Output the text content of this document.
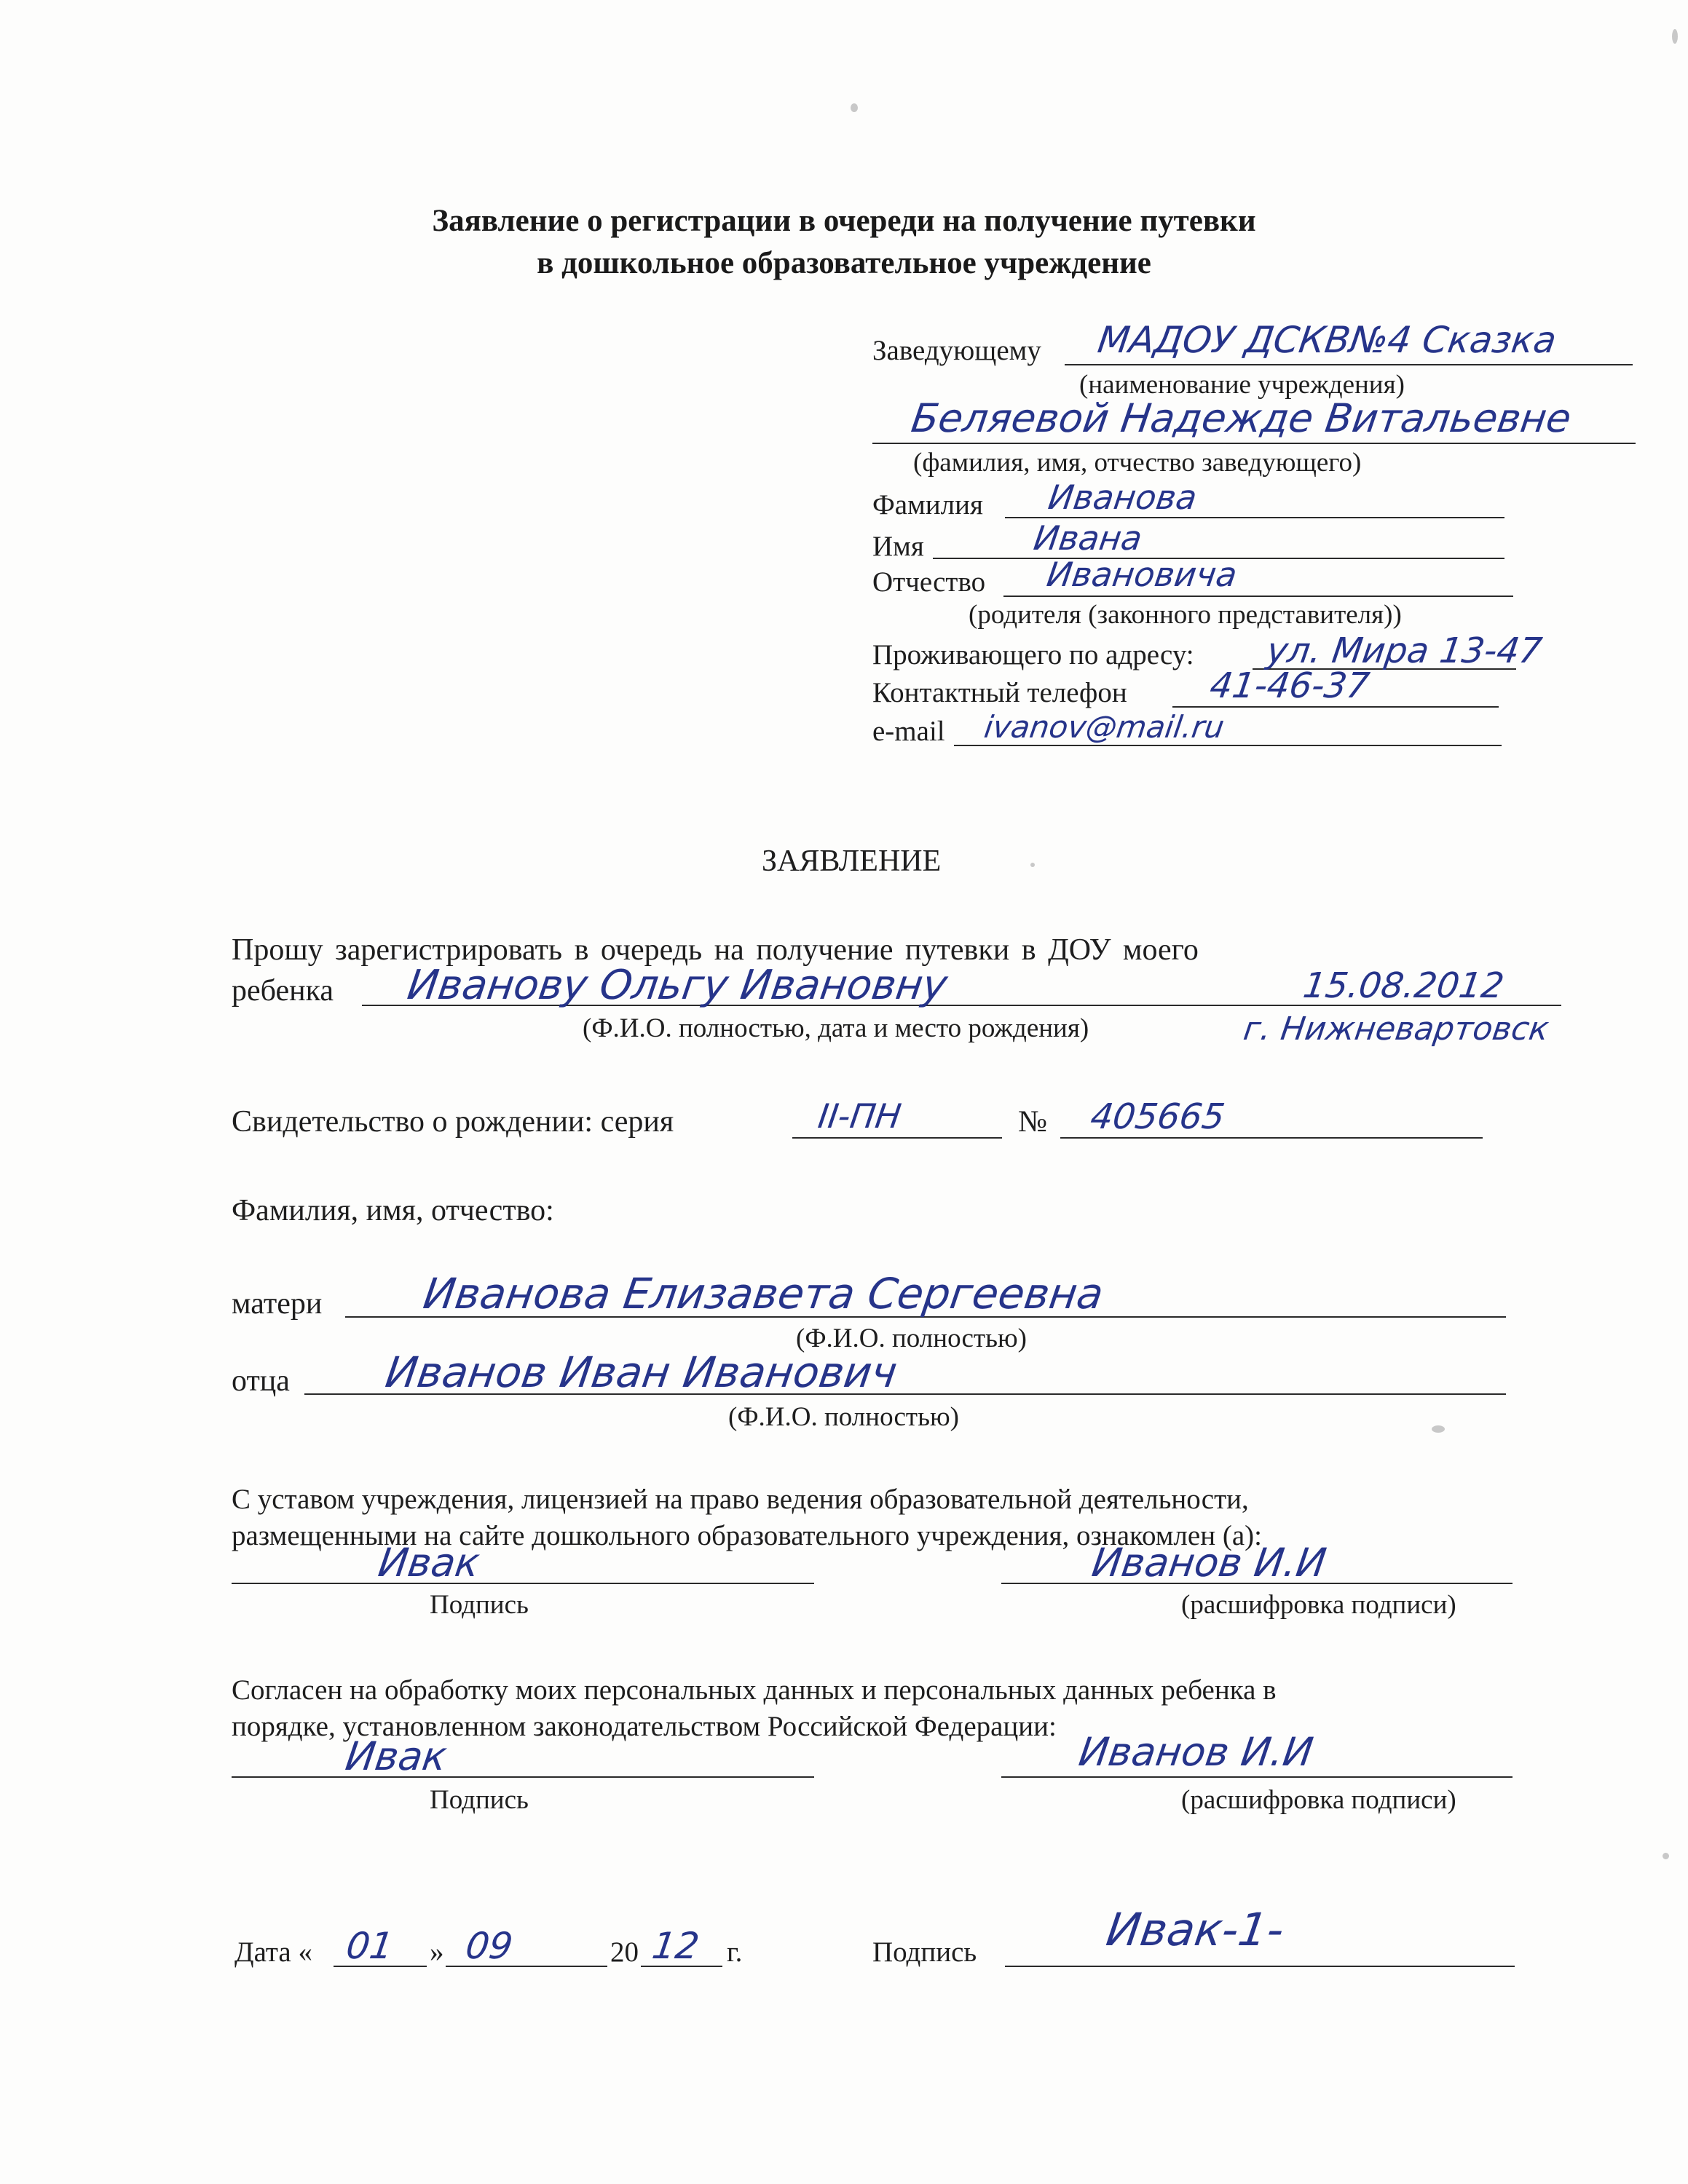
Заявление о регистрации в очереди на получение путевки
в дошкольное образовательное учреждение
Заведующему МАДОУ ДСКВ№4 Сказка
(наименование учреждения)
Беляевой Надежде Витальевне
(фамилия, имя, отчество заведующего)
Фамилия Иванова
Имя	Ивана
Отчество Ивановича
(родителя (законного представителя))
Проживающего по адресу: ул. Мира 13-47
Контактный телефон 41-46-37
e-mail ivanov@mail.ru
ЗАЯВЛЕНИЕ
Прошу зарегистрировать в очередь на получение путевки в ДОУ моего
ребенка Иванову Ольгу Ивановну	15.08.2012
(Ф.И.О. полностью, дата и место рождения)	г. Нижневартовск
Свидетельство о рождении: серия	II-ПН	№ 405665
Фамилия, имя, отчество:
матери Иванова Елизавета Сергеевна
(Ф.И.О. полностью)
отца Иванов Иван Иванович
(Ф.И.О. полностью)
С уставом учреждения, лицензией на право ведения образовательной деятельности,
размещенными на сайте дошкольного образовательного учреждения, ознакомлен (а):
Ивак
Подпись
Иванов И.И
(расшифровка подписи)
Согласен на обработку моих персональных данных и персональных данных ребенка в
порядке, установленном законодательством Российской Федерации:
Ивак
Подпись
Иванов И.И
(расшифровка подписи)
Дата « 01 » 09	20 12 г.	Подпись	Ивак-1-
